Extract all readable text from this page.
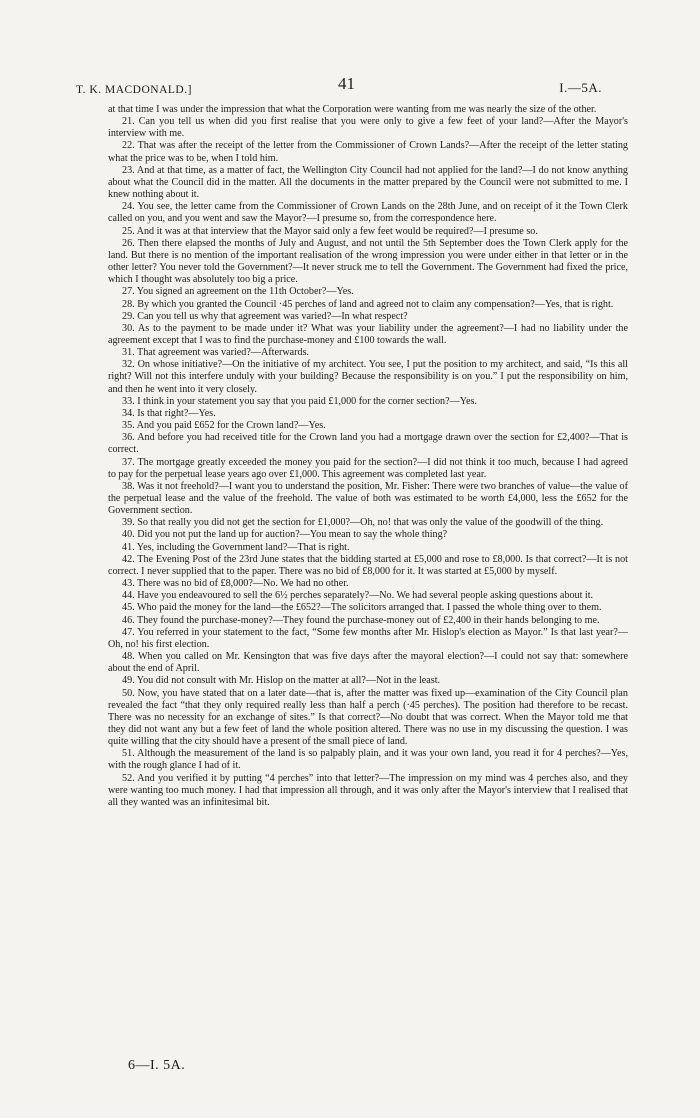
T. K. MACDONALD.]	41	I.—5A.

at that time I was under the impression that what the Corporation were wanting from me was nearly the size of the other.

21. Can you tell us when did you first realise that you were only to give a few feet of your land?—After the Mayor's interview with me.

22. That was after the receipt of the letter from the Commissioner of Crown Lands?—After the receipt of the letter stating what the price was to be, when I told him.

23. And at that time, as a matter of fact, the Wellington City Council had not applied for the land?—I do not know anything about what the Council did in the matter. All the documents in the matter prepared by the Council were not submitted to me. I knew nothing about it.

24. You see, the letter came from the Commissioner of Crown Lands on the 28th June, and on receipt of it the Town Clerk called on you, and you went and saw the Mayor?—I presume so, from the correspondence here.

25. And it was at that interview that the Mayor said only a few feet would be required?—I presume so.

26. Then there elapsed the months of July and August, and not until the 5th September does the Town Clerk apply for the land. But there is no mention of the important realisation of the wrong impression you were under either in that letter or in the other letter? You never told the Government?—It never struck me to tell the Government. The Government had fixed the price, which I thought was absolutely too big a price.

27. You signed an agreement on the 11th October?—Yes.

28. By which you granted the Council ·45 perches of land and agreed not to claim any compensation?—Yes, that is right.

29. Can you tell us why that agreement was varied?—In what respect?

30. As to the payment to be made under it? What was your liability under the agreement?—I had no liability under the agreement except that I was to find the purchase-money and £100 towards the wall.

31. That agreement was varied?—Afterwards.

32. On whose initiative?—On the initiative of my architect. You see, I put the position to my architect, and said, “Is this all right? Will not this interfere unduly with your building? Because the responsibility is on you.” I put the responsibility on him, and then he went into it very closely.

33. I think in your statement you say that you paid £1,000 for the corner section?—Yes.

34. Is that right?—Yes.

35. And you paid £652 for the Crown land?—Yes.

36. And before you had received title for the Crown land you had a mortgage drawn over the section for £2,400?—That is correct.

37. The mortgage greatly exceeded the money you paid for the section?—I did not think it too much, because I had agreed to pay for the perpetual lease years ago over £1,000. This agreement was completed last year.

38. Was it not freehold?—I want you to understand the position, Mr. Fisher: There were two branches of value—the value of the perpetual lease and the value of the freehold. The value of both was estimated to be worth £4,000, less the £652 for the Government section.

39. So that really you did not get the section for £1,000?—Oh, no! that was only the value of the goodwill of the thing.

40. Did you not put the land up for auction?—You mean to say the whole thing?

41. Yes, including the Government land?—That is right.

42. The Evening Post of the 23rd June states that the bidding started at £5,000 and rose to £8,000. Is that correct?—It is not correct. I never supplied that to the paper. There was no bid of £8,000 for it. It was started at £5,000 by myself.

43. There was no bid of £8,000?—No. We had no other.

44. Have you endeavoured to sell the 6½ perches separately?—No. We had several people asking questions about it.

45. Who paid the money for the land—the £652?—The solicitors arranged that. I passed the whole thing over to them.

46. They found the purchase-money?—They found the purchase-money out of £2,400 in their hands belonging to me.

47. You referred in your statement to the fact, “Some few months after Mr. Hislop's election as Mayor.” Is that last year?—Oh, no! his first election.

48. When you called on Mr. Kensington that was five days after the mayoral election?—I could not say that: somewhere about the end of April.

49. You did not consult with Mr. Hislop on the matter at all?—Not in the least.

50. Now, you have stated that on a later date—that is, after the matter was fixed up—examination of the City Council plan revealed the fact “that they only required really less than half a perch (·45 perches). The position had therefore to be recast. There was no necessity for an exchange of sites.” Is that correct?—No doubt that was correct. When the Mayor told me that they did not want any but a few feet of land the whole position altered. There was no use in my discussing the question. I was quite willing that the city should have a present of the small piece of land.

51. Although the measurement of the land is so palpably plain, and it was your own land, you read it for 4 perches?—Yes, with the rough glance I had of it.

52. And you verified it by putting “4 perches” into that letter?—The impression on my mind was 4 perches also, and they were wanting too much money. I had that impression all through, and it was only after the Mayor's interview that I realised that all they wanted was an infinitesimal bit.

6—I. 5A.
